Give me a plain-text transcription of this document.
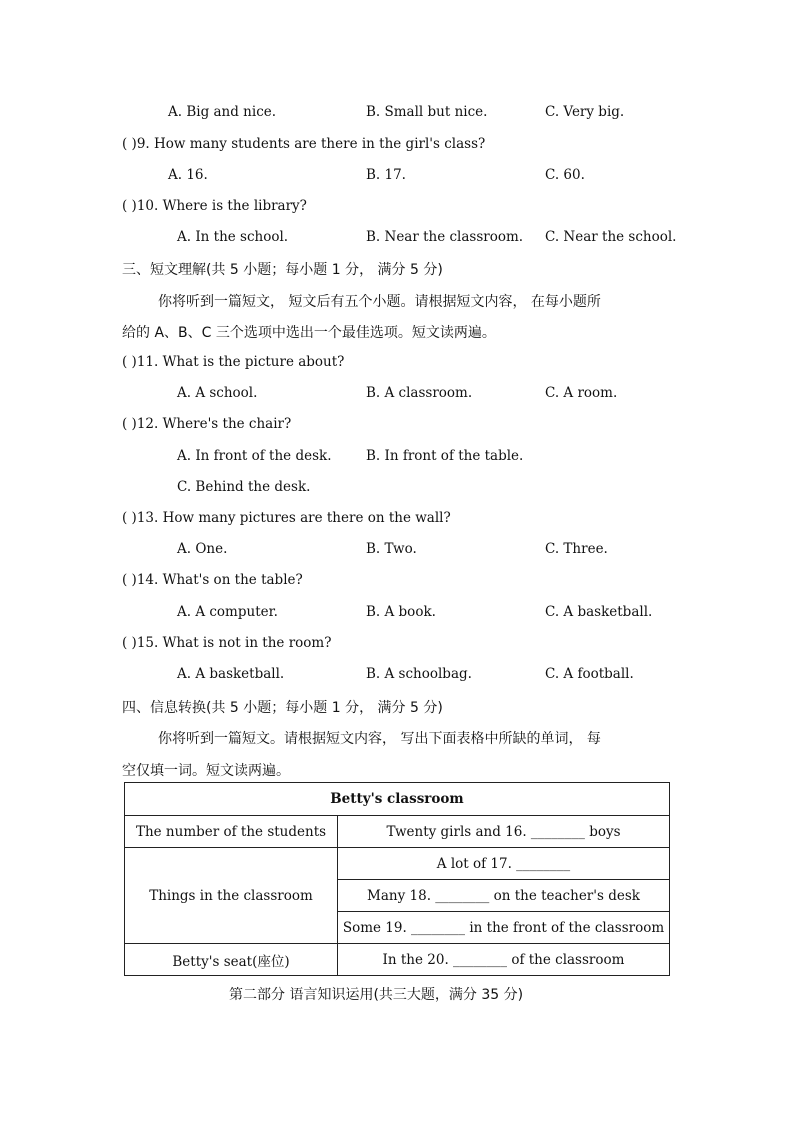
A. Big and nice.	B. Small but nice.	C. Very big.
( )9. How many students are there in the girl's class?
A. 16.	B. 17.	C. 60.
( )10. Where is the library?
A. In the school.	B. Near the classroom. C. Near the school.
三、短文理解(共 5 小题；每小题 1 分， 满分 5 分)
你将听到一篇短文， 短文后有五个小题。请根据短文内容， 在每小题所
给的 A、B、C 三个选项中选出一个最佳选项。短文读两遍。
( )11. What is the picture about?
A. A school.	B. A classroom.	C. A room.
( )12. Where's the chair?
A. In front of the desk.	B. In front of the table.
C. Behind the desk.
( )13. How many pictures are there on the wall?
A. One.	B. Two.	C. Three.
( )14. What's on the table?
A. A computer.	B. A book.	C. A basketball.
( )15. What is not in the room?
A. A basketball.	B. A schoolbag.	C. A football.
四、信息转换(共 5 小题；每小题 1 分， 满分 5 分)
你将听到一篇短文。请根据短文内容， 写出下面表格中所缺的单词， 每
空仅填一词。短文读两遍。
Betty's classroom	
The number of the students	Twenty girls and 16. ________ boys
Things in the classroom	A lot of 17. ________
	Many 18. ________ on the teacher's desk
	Some 19. ________ in the front of the classroom
Betty's seat(座位)	In the 20. ________ of the classroom
第二部分 语言知识运用(共三大题，满分 35 分)
